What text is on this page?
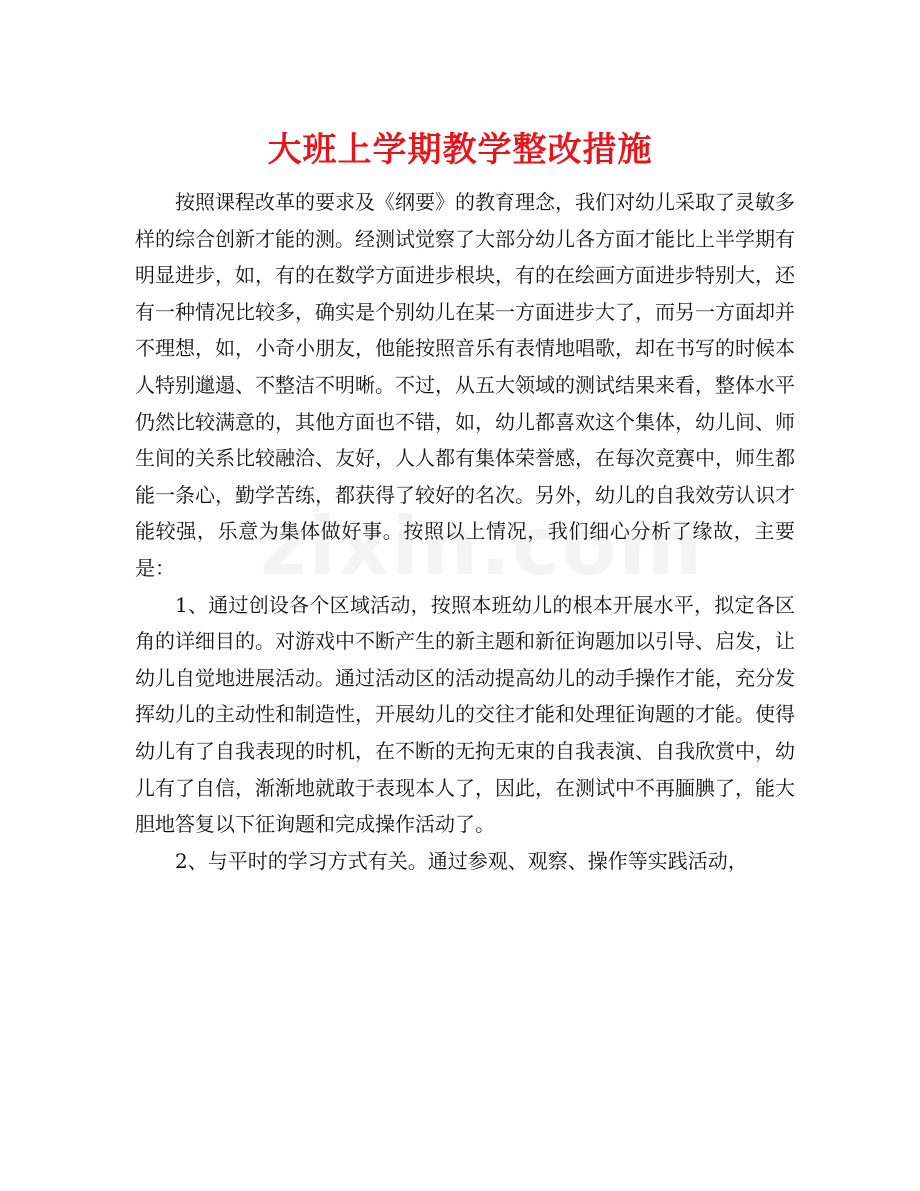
大班上学期教学整改措施

按照课程改革的要求及《纲要》的教育理念，我们对幼儿采取了灵敏多样的综合创新才能的测。经测试觉察了大部分幼儿各方面才能比上半学期有明显进步，如，有的在数学方面进步根块，有的在绘画方面进步特别大，还有一种情况比较多，确实是个别幼儿在某一方面进步大了，而另一方面却并不理想，如，小奇小朋友，他能按照音乐有表情地唱歌，却在书写的时候本人特别邋遢、不整洁不明晰。不过，从五大领域的测试结果来看，整体水平仍然比较满意的，其他方面也不错，如，幼儿都喜欢这个集体，幼儿间、师生间的关系比较融洽、友好，人人都有集体荣誉感，在每次竞赛中，师生都能一条心，勤学苦练，都获得了较好的名次。另外，幼儿的自我效劳认识才能较强，乐意为集体做好事。按照以上情况，我们细心分析了缘故，主要是：

1、通过创设各个区域活动，按照本班幼儿的根本开展水平，拟定各区角的详细目的。对游戏中不断产生的新主题和新征询题加以引导、启发，让幼儿自觉地进展活动。通过活动区的活动提高幼儿的动手操作才能，充分发挥幼儿的主动性和制造性，开展幼儿的交往才能和处理征询题的才能。使得幼儿有了自我表现的时机，在不断的无拘无束的自我表演、自我欣赏中，幼儿有了自信，渐渐地就敢于表现本人了，因此，在测试中不再腼腆了，能大胆地答复以下征询题和完成操作活动了。

2、与平时的学习方式有关。通过参观、观察、操作等实践活动，
